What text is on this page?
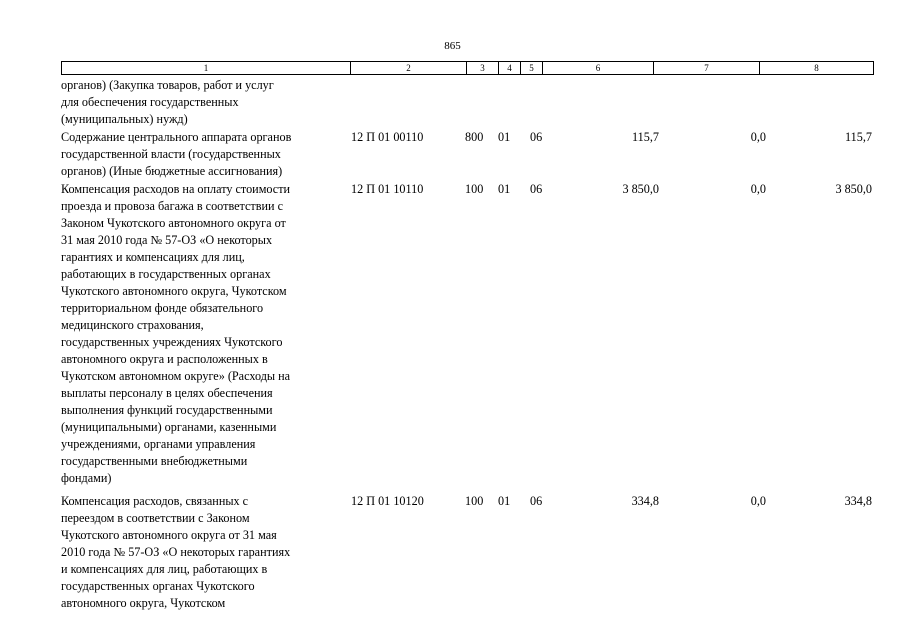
865
1	2	3	4	5	6	7	8
органов) (Закупка товаров, работ и услуг
для обеспечения государственных
(муниципальных) нужд)
Содержание центрального аппарата органов
государственной власти (государственных
органов) (Иные бюджетные ассигнования)
12 П 01 00110	800 01 06	115,7	0,0	115,7
Компенсация расходов на оплату стоимости
проезда и провоза багажа в соответствии с
Законом Чукотского автономного округа от
31 мая 2010 года № 57-ОЗ «О некоторых
гарантиях и компенсациях для лиц,
работающих в государственных органах
Чукотского автономного округа, Чукотском
территориальном фонде обязательного
медицинского страхования,
государственных учреждениях Чукотского
автономного округа и расположенных в
Чукотском автономном округе» (Расходы на
выплаты персоналу в целях обеспечения
выполнения функций государственными
(муниципальными) органами, казенными
учреждениями, органами управления
государственными внебюджетными
фондами)
12 П 01 10110	100 01 06	3 850,0	0,0	3 850,0
Компенсация расходов, связанных с
переездом в соответствии с Законом
Чукотского автономного округа от 31 мая
2010 года № 57-ОЗ «О некоторых гарантиях
и компенсациях для лиц, работающих в
государственных органах Чукотского
автономного округа, Чукотском
12 П 01 10120	100 01 06	334,8	0,0	334,8
